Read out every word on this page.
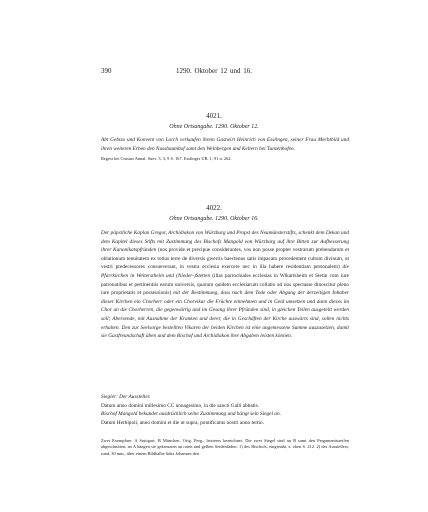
390	1290. Oktober 12 und 16.
4021.
Ohne Ortsangabe. 1290. Oktober 12.

Abt Gebizo und Konvent von Lorch verkaufen ihrem Gastwirt Heinrich von Esslingen, seiner Frau Mechthild und ihren weiteren Erben den Nussbaumhof samt den Weinbergen und Keltern bei Tunzenhofen.

Regest bei Crusius Annal. Suev. 3, 3, 9 S. 167. Esslinger UB. 1, 91 n. 262.

4022.
Ohne Ortsangabe. 1290. Oktober 16.
Der päpstliche Kaplan Gregor, Archidiakon von Würzburg und Propst des Neumünsterstifts, schenkt dem Dekan und dem Kapitel dieses Stifts mit Zustimmung des Bischofs Mangold von Würzburg auf ihre Bitten zur Aufbesserung ihrer Kanonikatspfründen (nos provide et precipue considerantes, vos non posse propter vestrarum prebendarum et oblationum tenuitatem ex totius terre de diversis gwerris haectenus satis impacato procedentem cultum divinum, ut vestri predecessores consueverant, in vestra ecclesia exercere nec in illa habere residentiam personalem) die Pfarrkirchen in Weiterstheim und (Nieder-)Stetten (illas parrochiales ecclesias in Wikartsheim et Stetin cum iure patronatibus et pertinentiis earum universis, quarum quidem ecclesiarum collatio ad nos spectasse dinoscitur pleno iure proprietatis et possessionis) mit der Bestimmung, dass nach dem Tode oder Abgang der derzeitigen Inhaber dieser Kirchen ein Chorherr oder ein Chorvikar die Früchte einnehmen und in Geld umsetzen und dann dieses im Chor an die Chorherren, die gegenwärtig und im Gesang ihrer Pfründen sind, in gleichen Teilen ausgeteilt werden soll; Abersende, mit Ausnahme der Kranken und derer, die in Geschäften der Kirche auswärts sind, sollen nichts erhalten. Den zur Seelsorge bestellten Vikaren der beiden Kirchen ist eine angemessene Summe auszusetzen, damit sie Gastfreundschaft üben und dem Bischof und Archidiakon ihre Abgaben leisten können.

Siegler: Der Aussteller.

Datum anno domini millesimo CC nonagesimo, in die sancti Galli abbatis.

Bischof Mangold bekundet ausdrücklich seine Zustimmung und hängt sein Siegel an.

Datum Herbipoli, anno domini et die ut supra, pontificatus nostri anno tertio.

Zwei Exemplare: A Stuttgart, B München. Orig. Perg., letzteres bezeichnet. Die zwei Siegel sind an B samt den Pergamentstreifen abgeschnitten, an A hängen sie gekreuzten an roten und gelben Seidenfäden: 1) des Bischofs, eingenäht, s. oben S. 212. 2) des Ausstellers, rund, 30 mm., über einem Bildhalbe links Johannes den
